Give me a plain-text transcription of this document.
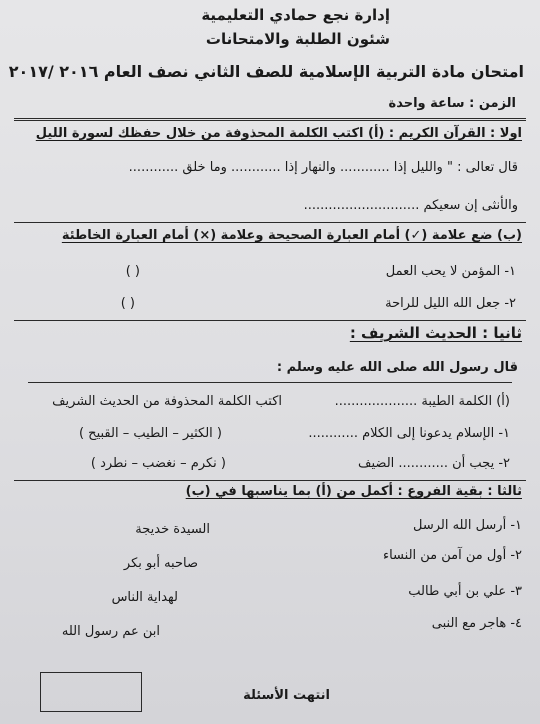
إدارة نجع حمادي التعليمية
شئون الطلبة والامتحانات
امتحان مادة التربية الإسلامية للصف الثاني نصف العام ٢٠١٦ /٢٠١٧
الزمن : ساعة واحدة
اولا : القرآن الكريم : (أ) اكتب الكلمة المحذوفة من خلال حفظك لسورة الليل
قال تعالى : " والليل إذا ............ والنهار إذا ............ وما خلق ............
والأنثى إن سعيكم ............................
(ب) ضع علامة (✓) أمام العبارة الصحيحة وعلامة (×) أمام العبارة الخاطئة
١- المؤمن لا يحب العمل
( )
٢- جعل الله الليل للراحة
( )
ثانيا : الحديث الشريف :
قال رسول الله صلى الله عليه وسلم :
(أ) الكلمة الطيبة ....................
اكتب الكلمة المحذوفة من الحديث الشريف
١- الإسلام يدعونا إلى الكلام ............
( الكثير – الطيب – القبيح )
٢- يجب أن ............ الضيف
( نكرم – نغضب – نطرد )
ثالثا : بقية الفروع : أكمل من (أ) بما يناسبها في (ب)
١- أرسل الله الرسل
٢- أول من آمن من النساء
٣- علي بن أبي طالب
٤- هاجر مع النبى
السيدة خديجة
صاحبه أبو بكر
لهداية الناس
ابن عم رسول الله
انتهت الأسئلة
